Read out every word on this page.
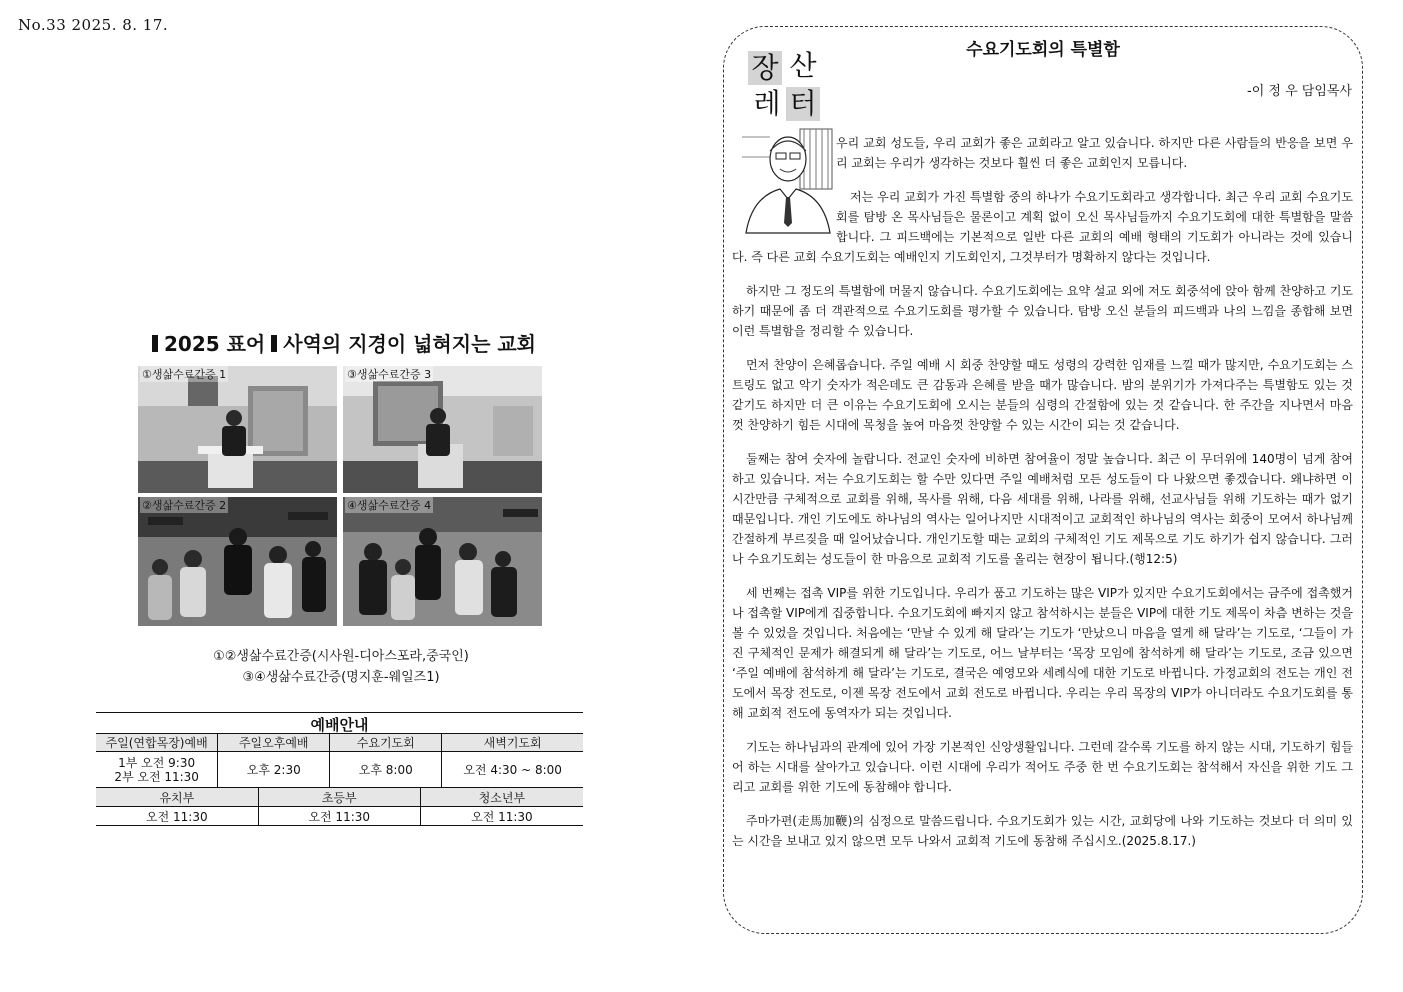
No.33 2025. 8. 17.
2025 표어 사역의 지경이 넓혀지는 교회
①생삶수료간증 1	③생삶수료간증 3
②생삶수료간증 2	④생삶수료간증 4
①②생삶수료간증(시사원-디아스포라,중국인)
③④생삶수료간증(명지훈-웨일즈1)
예배안내
주일(연합목장)예배	주일오후예배	수요기도회	새벽기도회

1부 오전 9:30
2부 오전 11:30	오후 2:30	오후 8:00	오전 4:30 ~ 8:00
유치부	초등부	청소년부
오전 11:30	오전 11:30	오전 11:30
수요기도회의 특별함
장 산
레 터	-이 정 우 담임목사

우리 교회 성도들, 우리 교회가 좋은 교회라고 알고 있습니다. 하지만 다른 사람들의 반응을 보면 우리 교회는 우리가 생각하는 것보다 훨씬 더 좋은 교회인지 모릅니다.

저는 우리 교회가 가진 특별함 중의 하나가 수요기도회라고 생각합니다. 최근 우리 교회 수요기도회를 탐방 온 목사님들은 물론이고 계획 없이 오신 목사님들까지 수요기도회에 대한 특별함을 말씀합니다. 그 피드백에는 기본적으로 일반 다른 교회의 예배 형태의 기도회가 아니라는 것에 있습니다. 즉 다른 교회 수요기도회는 예배인지 기도회인지, 그것부터가 명확하지 않다는 것입니다.

하지만 그 정도의 특별함에 머물지 않습니다. 수요기도회에는 요약 설교 외에 저도 회중석에 앉아 함께 찬양하고 기도하기 때문에 좀 더 객관적으로 수요기도회를 평가할 수 있습니다. 탐방 오신 분들의 피드백과 나의 느낌을 종합해 보면 이런 특별함을 정리할 수 있습니다.

먼저 찬양이 은혜롭습니다. 주일 예배 시 회중 찬양할 때도 성령의 강력한 임재를 느낄 때가 많지만, 수요기도회는 스트링도 없고 악기 숫자가 적은데도 큰 감동과 은혜를 받을 때가 많습니다. 밤의 분위기가 가져다주는 특별함도 있는 것 같기도 하지만 더 큰 이유는 수요기도회에 오시는 분들의 심령의 간절함에 있는 것 같습니다. 한 주간을 지나면서 마음껏 찬양하기 힘든 시대에 목청을 높여 마음껏 찬양할 수 있는 시간이 되는 것 같습니다.

둘째는 참여 숫자에 놀랍니다. 전교인 숫자에 비하면 참여율이 정말 높습니다. 최근 이 무더위에 140명이 넘게 참여하고 있습니다. 저는 수요기도회는 할 수만 있다면 주일 예배처럼 모든 성도들이 다 나왔으면 좋겠습니다. 왜냐하면 이 시간만큼 구체적으로 교회를 위해, 목사를 위해, 다음 세대를 위해, 나라를 위해, 선교사님들 위해 기도하는 때가 없기 때문입니다. 개인 기도에도 하나님의 역사는 일어나지만 시대적이고 교회적인 하나님의 역사는 회중이 모여서 하나님께 간절하게 부르짖을 때 일어났습니다. 개인기도할 때는 교회의 구체적인 기도 제목으로 기도 하기가 쉽지 않습니다. 그러나 수요기도회는 성도들이 한 마음으로 교회적 기도를 올리는 현장이 됩니다.(행12:5)

세 번째는 접촉 VIP를 위한 기도입니다. 우리가 품고 기도하는 많은 VIP가 있지만 수요기도회에서는 금주에 접촉했거나 접촉할 VIP에게 집중합니다. 수요기도회에 빠지지 않고 참석하시는 분들은 VIP에 대한 기도 제목이 차츰 변하는 것을 볼 수 있었을 것입니다. 처음에는 ‘만날 수 있게 해 달라’는 기도가 ‘만났으니 마음을 열게 해 달라’는 기도로, ‘그들이 가진 구체적인 문제가 해결되게 해 달라’는 기도로, 어느 날부터는 ‘목장 모임에 참석하게 해 달라’는 기도로, 조금 있으면 ‘주일 예배에 참석하게 해 달라’는 기도로, 결국은 예영모와 세례식에 대한 기도로 바뀝니다. 가정교회의 전도는 개인 전도에서 목장 전도로, 이젠 목장 전도에서 교회 전도로 바뀝니다. 우리는 우리 목장의 VIP가 아니더라도 수요기도회를 통해 교회적 전도에 동역자가 되는 것입니다.

기도는 하나님과의 관계에 있어 가장 기본적인 신앙생활입니다. 그런데 갈수록 기도를 하지 않는 시대, 기도하기 힘들어 하는 시대를 살아가고 있습니다. 이런 시대에 우리가 적어도 주중 한 번 수요기도회는 참석해서 자신을 위한 기도 그리고 교회를 위한 기도에 동참해야 합니다.

주마가편(走馬加鞭)의 심정으로 말씀드립니다. 수요기도회가 있는 시간, 교회당에 나와 기도하는 것보다 더 의미 있는 시간을 보내고 있지 않으면 모두 나와서 교회적 기도에 동참해 주십시오.(2025.8.17.)
